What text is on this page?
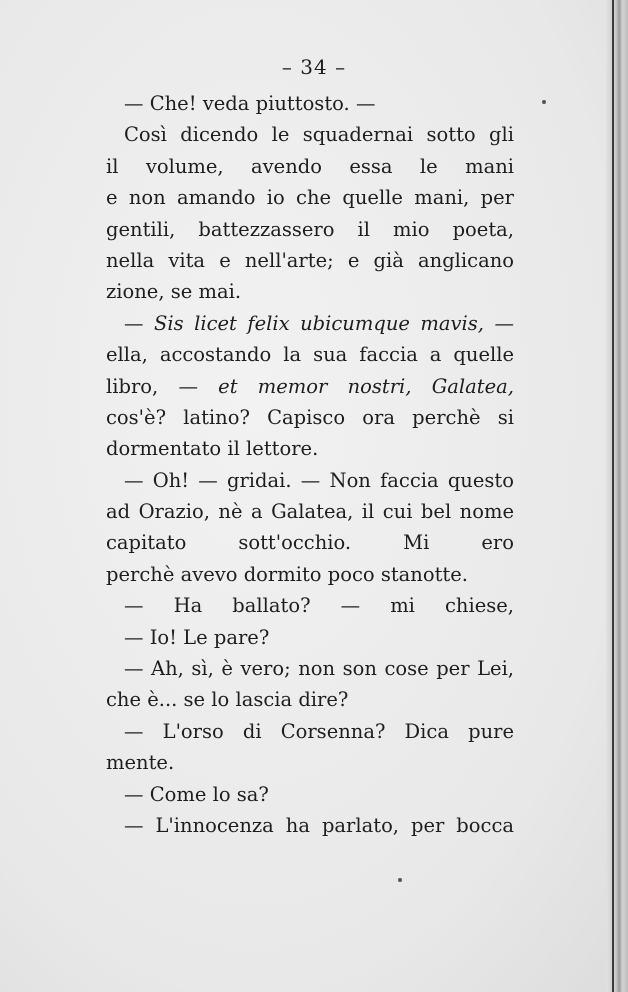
– 34 –
— Che! veda piuttosto. —
Così dicendo le squadernai sotto gli
il volume, avendo essa le mani
e non amando io che quelle mani, per
gentili, battezzassero il mio poeta,
nella vita e nell'arte; e già anglicano
zione, se mai.
— Sis licet felix ubicumque mavis, —
ella, accostando la sua faccia a quelle
libro, — et memor nostri, Galatea,
cos'è? latino? Capisco ora perchè si
dormentato il lettore.
— Oh! — gridai. — Non faccia questo
ad Orazio, nè a Galatea, il cui bel nome
capitato sott'occhio. Mi ero
perchè avevo dormito poco stanotte.
— Ha ballato? — mi chiese,
— Io! Le pare?
— Ah, sì, è vero; non son cose per Lei,
che è... se lo lascia dire?
— L'orso di Corsenna? Dica pure
mente.
— Come lo sa?
— L'innocenza ha parlato, per bocca
